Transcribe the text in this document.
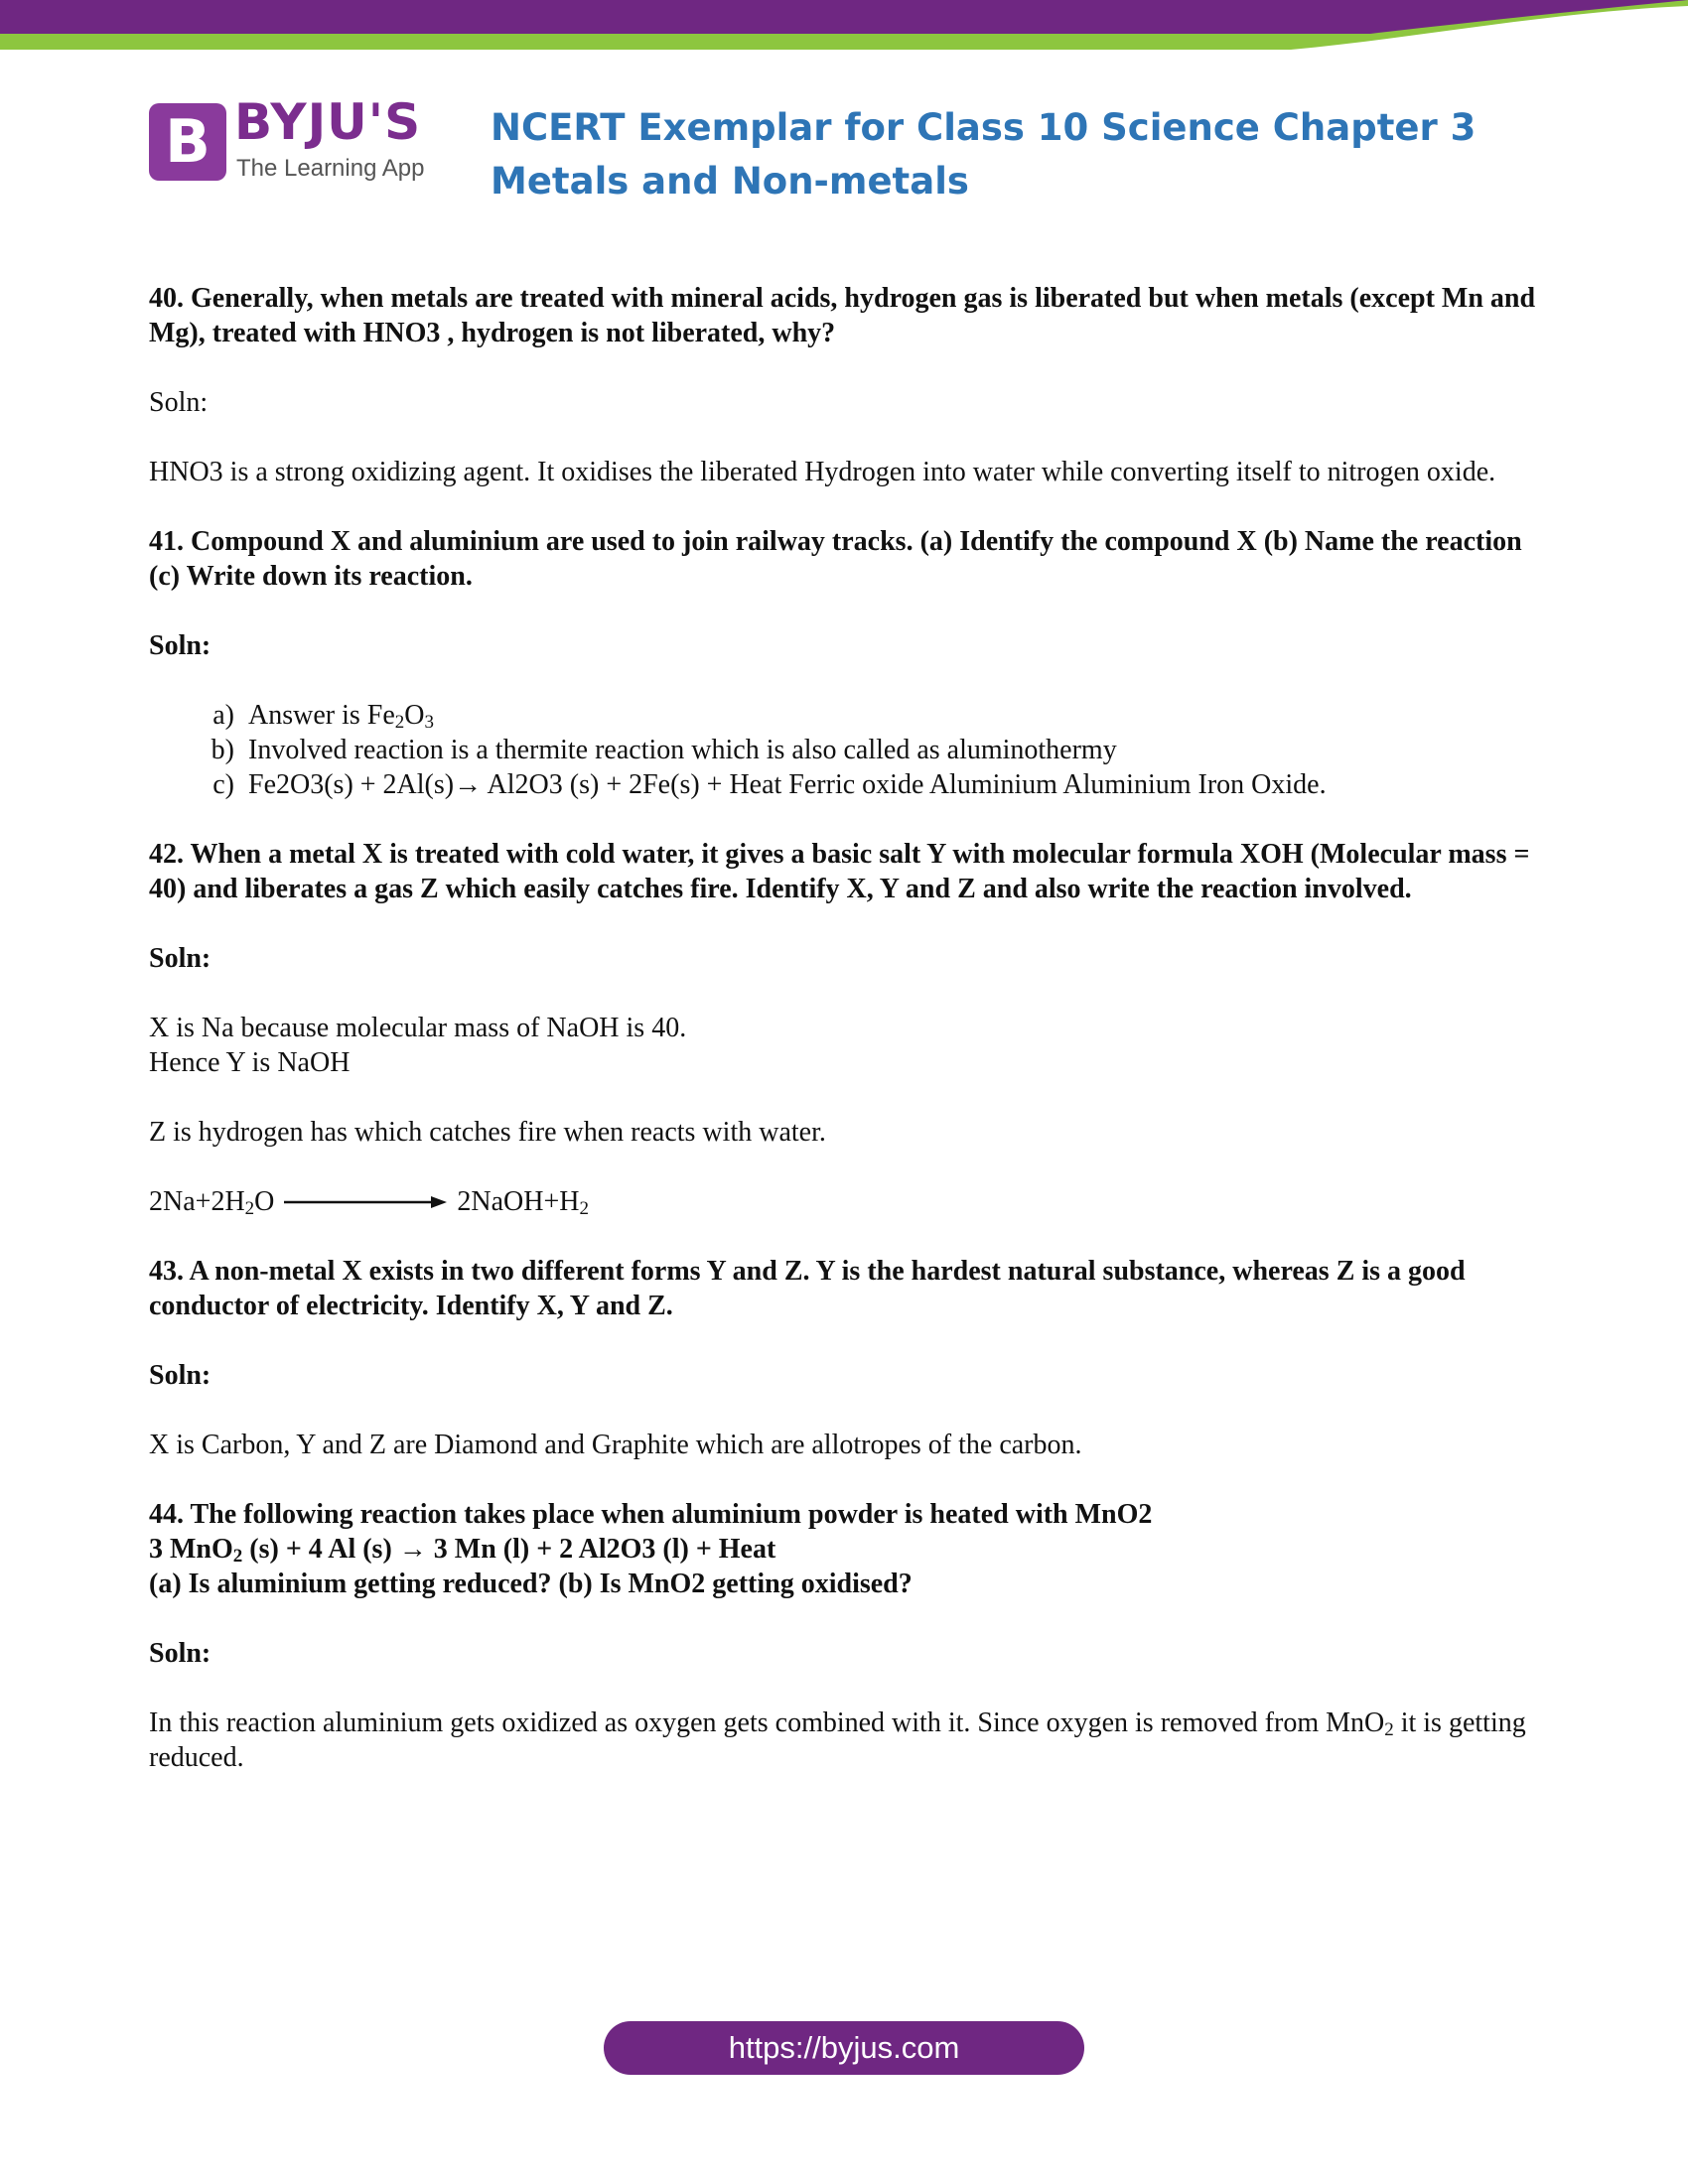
B BYJU'S
The Learning App
NCERT Exemplar for Class 10 Science Chapter 3 Metals and Non-metals

40. Generally, when metals are treated with mineral acids, hydrogen gas is liberated but when metals (except Mn and Mg), treated with HNO3 , hydrogen is not liberated, why?

Soln:

HNO3 is a strong oxidizing agent. It oxidises the liberated Hydrogen into water while converting itself to nitrogen oxide.

41. Compound X and aluminium are used to join railway tracks. (a) Identify the compound X (b) Name the reaction (c) Write down its reaction.

Soln:

a. Answer is $Fe_2O_3$
b. Involved reaction is a thermite reaction which is also called as aluminothermy
c. Fe2O3(s) + 2Al(s)→ Al2O3 (s) + 2Fe(s) + Heat Ferric oxide Aluminium Aluminium Iron Oxide.

42. When a metal X is treated with cold water, it gives a basic salt Y with molecular formula XOH (Molecular mass = 40) and liberates a gas Z which easily catches fire. Identify X, Y and Z and also write the reaction involved.

Soln:

X is Na because molecular mass of NaOH is 40.

Hence Y is NaOH

Z is hydrogen has which catches fire when reacts with water.

$2Na+2H_2O$	$2NaOH+H_2$

43. A non-metal X exists in two different forms Y and Z. Y is the hardest natural substance, whereas Z is a good conductor of electricity. Identify X, Y and Z.

Soln:

X is Carbon, Y and Z are Diamond and Graphite which are allotropes of the carbon.

44. The following reaction takes place when aluminium powder is heated with MnO2

3 MnO$_2$ (s) + 4 Al (s) → 3 Mn (l) + 2 Al2O3 (l) + Heat

(a) Is aluminium getting reduced? (b) Is MnO2 getting oxidised?

Soln:

In this reaction aluminium gets oxidized as oxygen gets combined with it. Since oxygen is removed from MnO$_2$ it is getting reduced.

https://byjus.com
